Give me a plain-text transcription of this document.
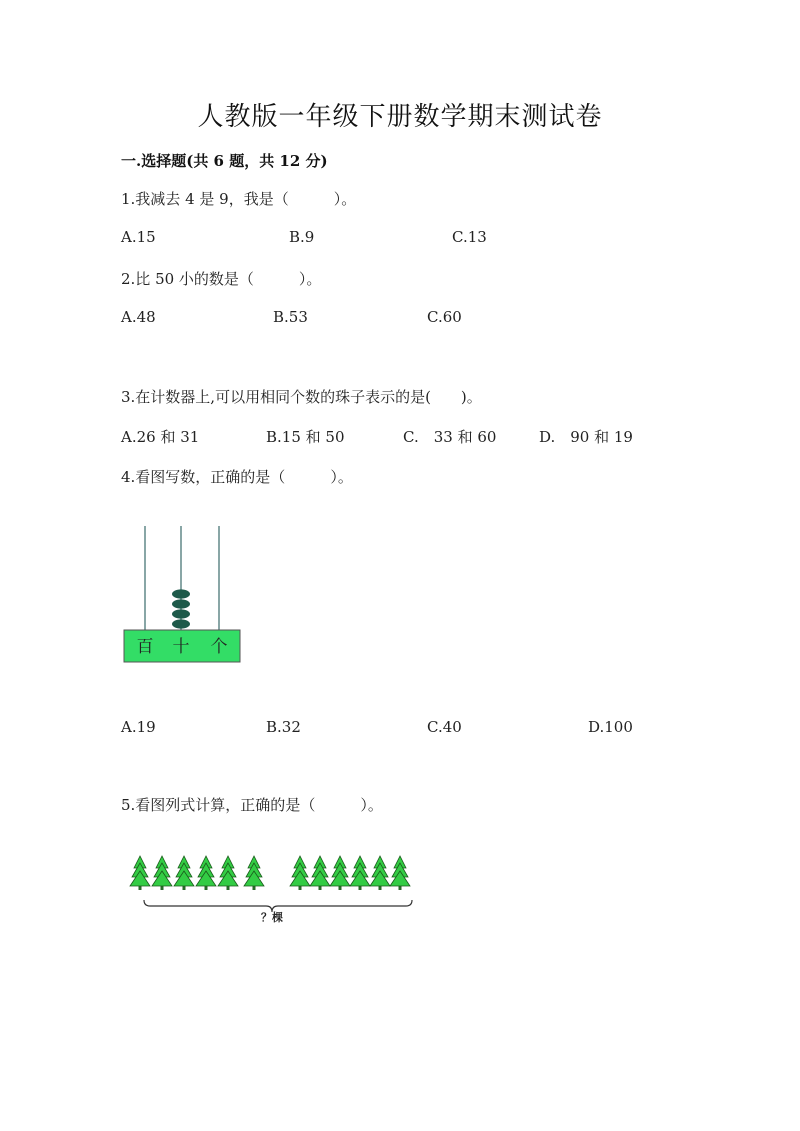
人教版一年级下册数学期末测试卷
一.选择题(共 6 题，共 12 分)
1.我减去 4 是 9，我是（　　　）。
A.15	B.9	C.13
2.比 50 小的数是（　　　）。
A.48	B.53	C.60
3.在计数器上,可以用相同个数的珠子表示的是(　　)。
A.26 和 31	B.15 和 50	C.　33 和 60	D.　90 和 19
4.看图写数，正确的是（　　　）。
百 十 个
A.19	B.32	C.40	D.100
5.看图列式计算，正确的是（　　　）。
？棵
